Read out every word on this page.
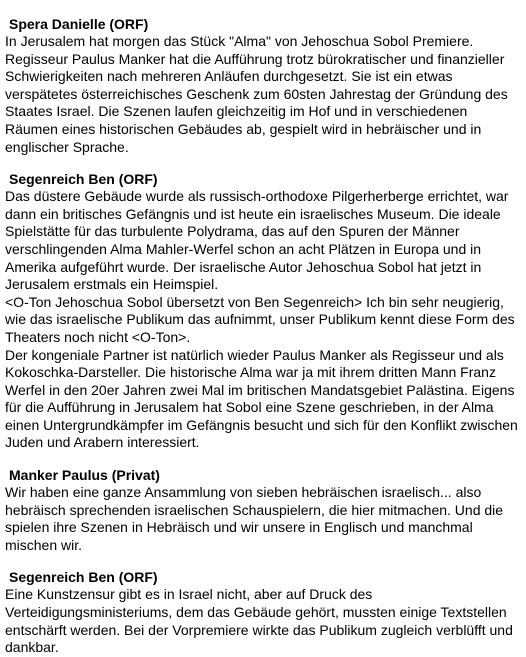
Spera Danielle (ORF)

In Jerusalem hat morgen das Stück "Alma" von Jehoschua Sobol Premiere. Regisseur Paulus Manker hat die Aufführung trotz bürokratischer und finanzieller Schwierigkeiten nach mehreren Anläufen durchgesetzt. Sie ist ein etwas verspätetes österreichisches Geschenk zum 60sten Jahrestag der Gründung des Staates Israel. Die Szenen laufen gleichzeitig im Hof und in verschiedenen Räumen eines historischen Gebäudes ab, gespielt wird in hebräischer und in englischer Sprache.

Segenreich Ben (ORF)

Das düstere Gebäude wurde als russisch-orthodoxe Pilgerherberge errichtet, war dann ein britisches Gefängnis und ist heute ein israelisches Museum. Die ideale Spielstätte für das turbulente Polydrama, das auf den Spuren der Männer verschlingenden Alma Mahler-Werfel schon an acht Plätzen in Europa und in Amerika aufgeführt wurde. Der israelische Autor Jehoschua Sobol hat jetzt in Jerusalem erstmals ein Heimspiel.

<O-Ton Jehoschua Sobol übersetzt von Ben Segenreich> Ich bin sehr neugierig, wie das israelische Publikum das aufnimmt, unser Publikum kennt diese Form des Theaters noch nicht <O-Ton>.

Der kongeniale Partner ist natürlich wieder Paulus Manker als Regisseur und als Kokoschka-Darsteller. Die historische Alma war ja mit ihrem dritten Mann Franz Werfel in den 20er Jahren zwei Mal im britischen Mandatsgebiet Palästina. Eigens für die Aufführung in Jerusalem hat Sobol eine Szene geschrieben, in der Alma einen Untergrundkämpfer im Gefängnis besucht und sich für den Konflikt zwischen Juden und Arabern interessiert.

Manker Paulus (Privat)

Wir haben eine ganze Ansammlung von sieben hebräischen israelisch... also hebräisch sprechenden israelischen Schauspielern, die hier mitmachen. Und die spielen ihre Szenen in Hebräisch und wir unsere in Englisch und manchmal mischen wir.

Segenreich Ben (ORF)

Eine Kunstzensur gibt es in Israel nicht, aber auf Druck des Verteidigungsministeriums, dem das Gebäude gehört, mussten einige Textstellen entschärft werden. Bei der Vorpremiere wirkte das Publikum zugleich verblüfft und dankbar.
